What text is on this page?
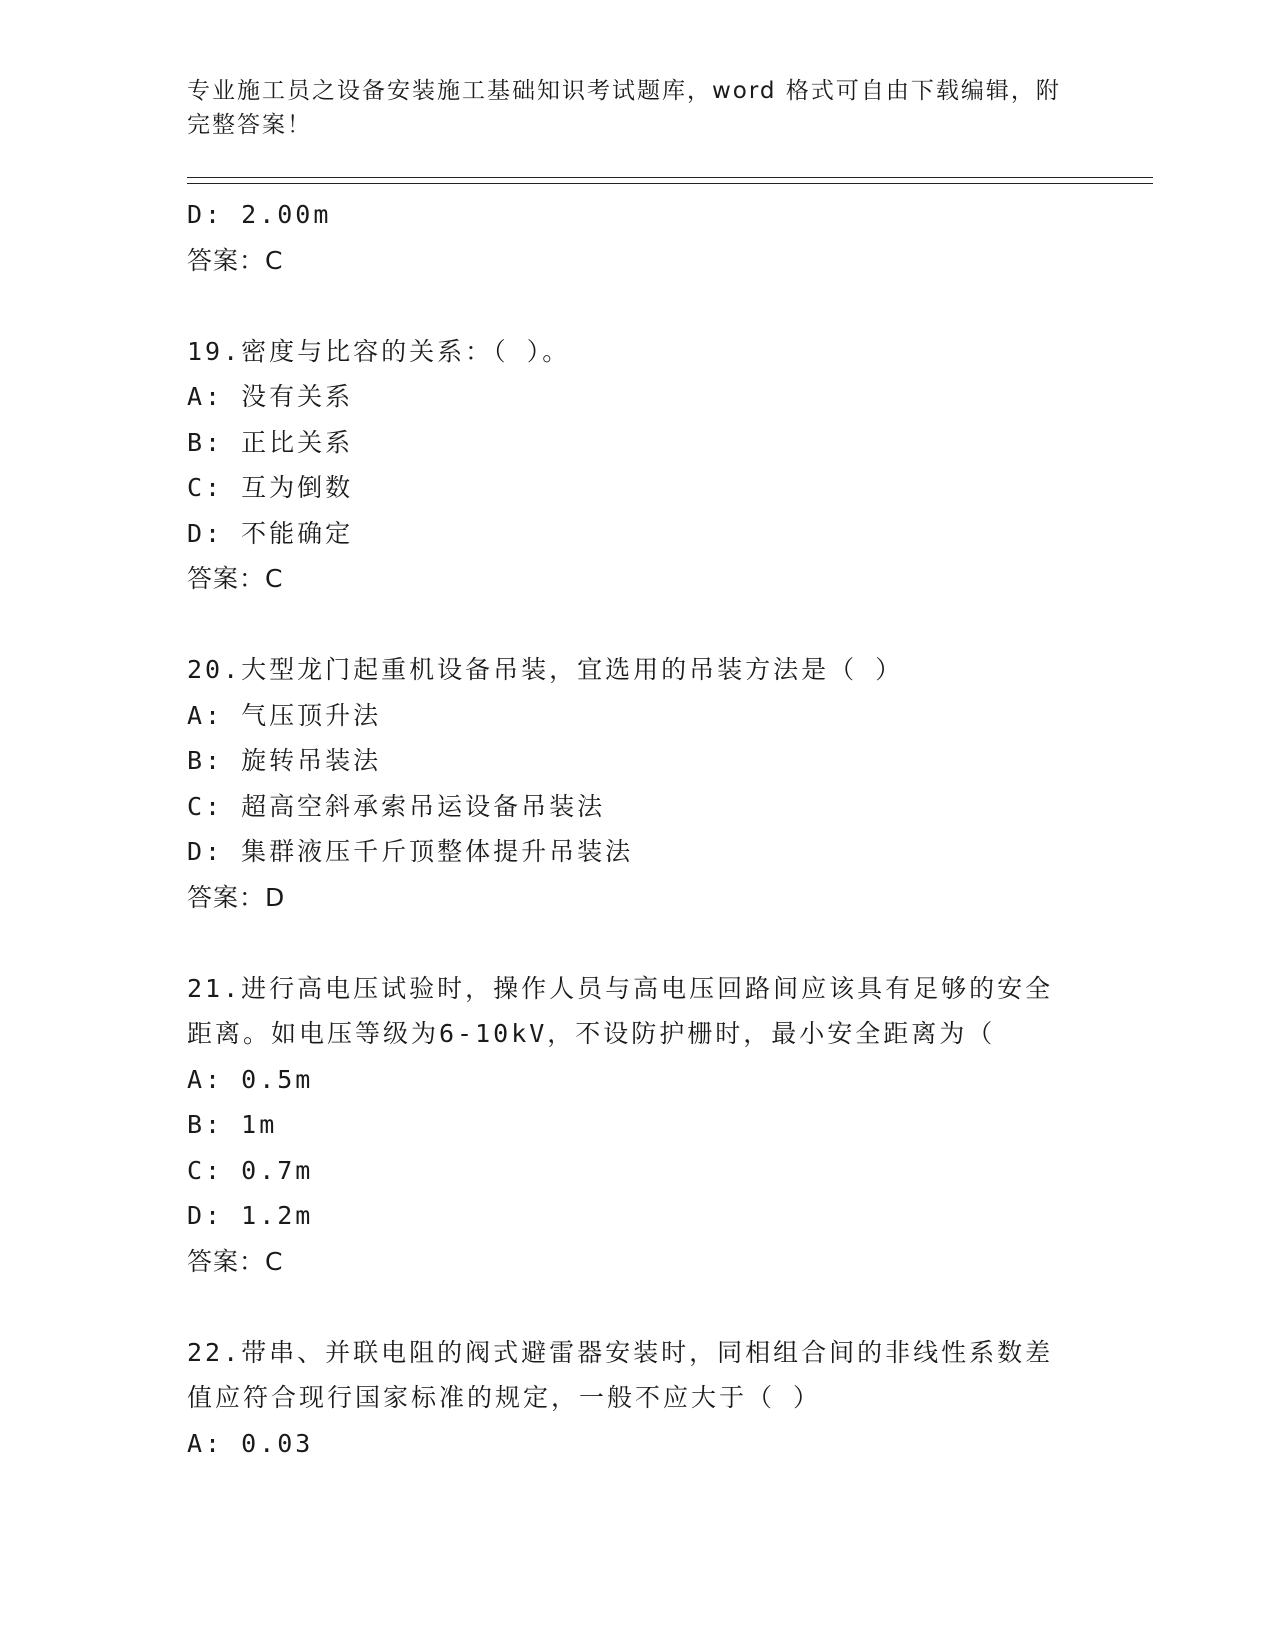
专业施工员之设备安装施工基础知识考试题库，word 格式可自由下载编辑，附完整答案！
D: 2.00m
答案：C
19.密度与比容的关系：（ ）。
A: 没有关系
B: 正比关系
C: 互为倒数
D: 不能确定
答案：C
20.大型龙门起重机设备吊装，宜选用的吊装方法是（ ）
A: 气压顶升法
B: 旋转吊装法
C: 超高空斜承索吊运设备吊装法
D: 集群液压千斤顶整体提升吊装法
答案：D
21.进行高电压试验时，操作人员与高电压回路间应该具有足够的安全
距离。如电压等级为6-10kV，不设防护栅时，最小安全距离为（
A: 0.5m
B: 1m
C: 0.7m
D: 1.2m
答案：C
22.带串、并联电阻的阀式避雷器安装时，同相组合间的非线性系数差
值应符合现行国家标准的规定，一般不应大于（ ）
A: 0.03
